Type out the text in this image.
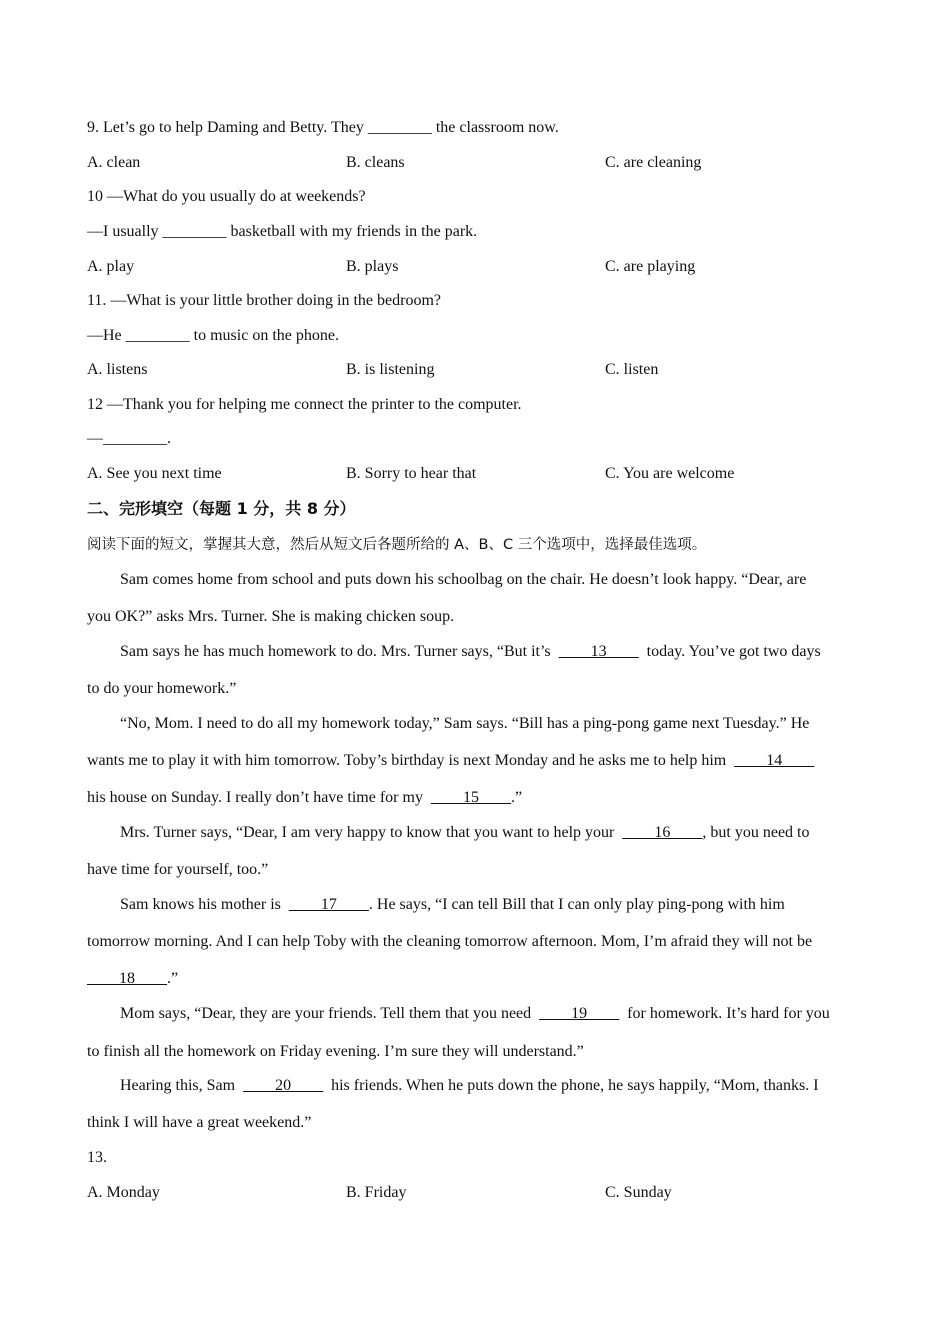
9. Let’s go to help Daming and Betty. They ________ the classroom now.
A. clean	B. cleans	C. are cleaning
10 —What do you usually do at weekends?
—I usually ________ basketball with my friends in the park.
A. play	B. plays	C. are playing
11. —What is your little brother doing in the bedroom?
—He ________ to music on the phone.
A. listens	B. is listening	C. listen
12 —Thank you for helping me connect the printer to the computer.
—________.
A. See you next time	B. Sorry to hear that	C. You are welcome
二、完形填空（每题 1 分，共 8 分）
阅读下面的短文，掌握其大意，然后从短文后各题所给的 A、B、C 三个选项中，选择最佳选项。
Sam comes home from school and puts down his schoolbag on the chair. He doesn’t look happy. “Dear, are
you OK?” asks Mrs. Turner. She is making chicken soup.
Sam says he has much homework to do. Mrs. Turner says, “But it’s  ____13____  today. You’ve got two days
to do your homework.”
“No, Mom. I need to do all my homework today,” Sam says. “Bill has a ping-pong game next Tuesday.” He
wants me to play it with him tomorrow. Toby’s birthday is next Monday and he asks me to help him  ____14____
his house on Sunday. I really don’t have time for my  ____15____.”
Mrs. Turner says, “Dear, I am very happy to know that you want to help your  ____16____, but you need to
have time for yourself, too.”
Sam knows his mother is  ____17____. He says, “I can tell Bill that I can only play ping-pong with him
tomorrow morning. And I can help Toby with the cleaning tomorrow afternoon. Mom, I’m afraid they will not be
____18____.”
Mom says, “Dear, they are your friends. Tell them that you need  ____19____  for homework. It’s hard for you
to finish all the homework on Friday evening. I’m sure they will understand.”
Hearing this, Sam  ____20____  his friends. When he puts down the phone, he says happily, “Mom, thanks. I
think I will have a great weekend.”
13.
A. Monday	B. Friday	C. Sunday
